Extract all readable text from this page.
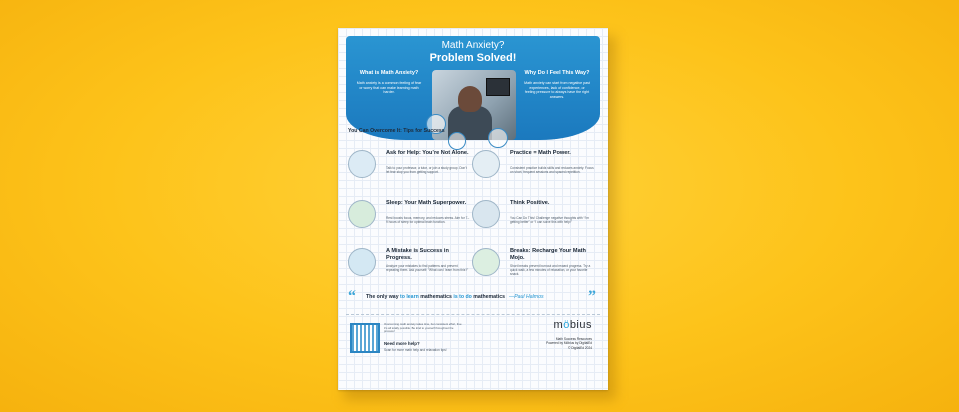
Math Anxiety?
Problem Solved!
What is Math Anxiety?
Math anxiety is a common feeling of fear or worry that can make learning math harder.
Why Do I Feel This Way?
Math anxiety can start from negative past experiences, lack of confidence, or feeling pressure to always have the right answers.
You Can Overcome It: Tips for Success
Ask for Help: You’re Not Alone.
Talk to your professor, a tutor, or join a study group. Don’t let fear stop you from getting support.
Practice = Math Power.
Consistent practice builds skills and reduces anxiety. Focus on short, frequent sessions and spaced repetition.
Sleep: Your Math Superpower.
Rest boosts focus, memory, and reduces stress. Aim for 7–9 hours of sleep for optimal brain function.
Think Positive.
You Can Do This! Challenge negative thoughts with “I’m getting better” or “I can solve this with help!”
A Mistake is Success in Progress.
Analyze your mistakes to find patterns and prevent repeating them. Ask yourself: “What can I learn from this?”
Breaks: Recharge Your Math Mojo.
Short breaks prevent burnout and reward progress. Try a quick walk, a few minutes of relaxation, or your favorite snack.
“ The only way to learn mathematics is to do mathematics —Paul Halmos	”
Overcoming math anxiety takes time, but consistent effort, free it’s all totally possible. Be kind to yourself throughout the process!
Need more help?
Scan for more math help and relaxation tips!
möbius
Math Success Resources
Powered by Möbius by DigitalEd
© DigitalEd 2024
